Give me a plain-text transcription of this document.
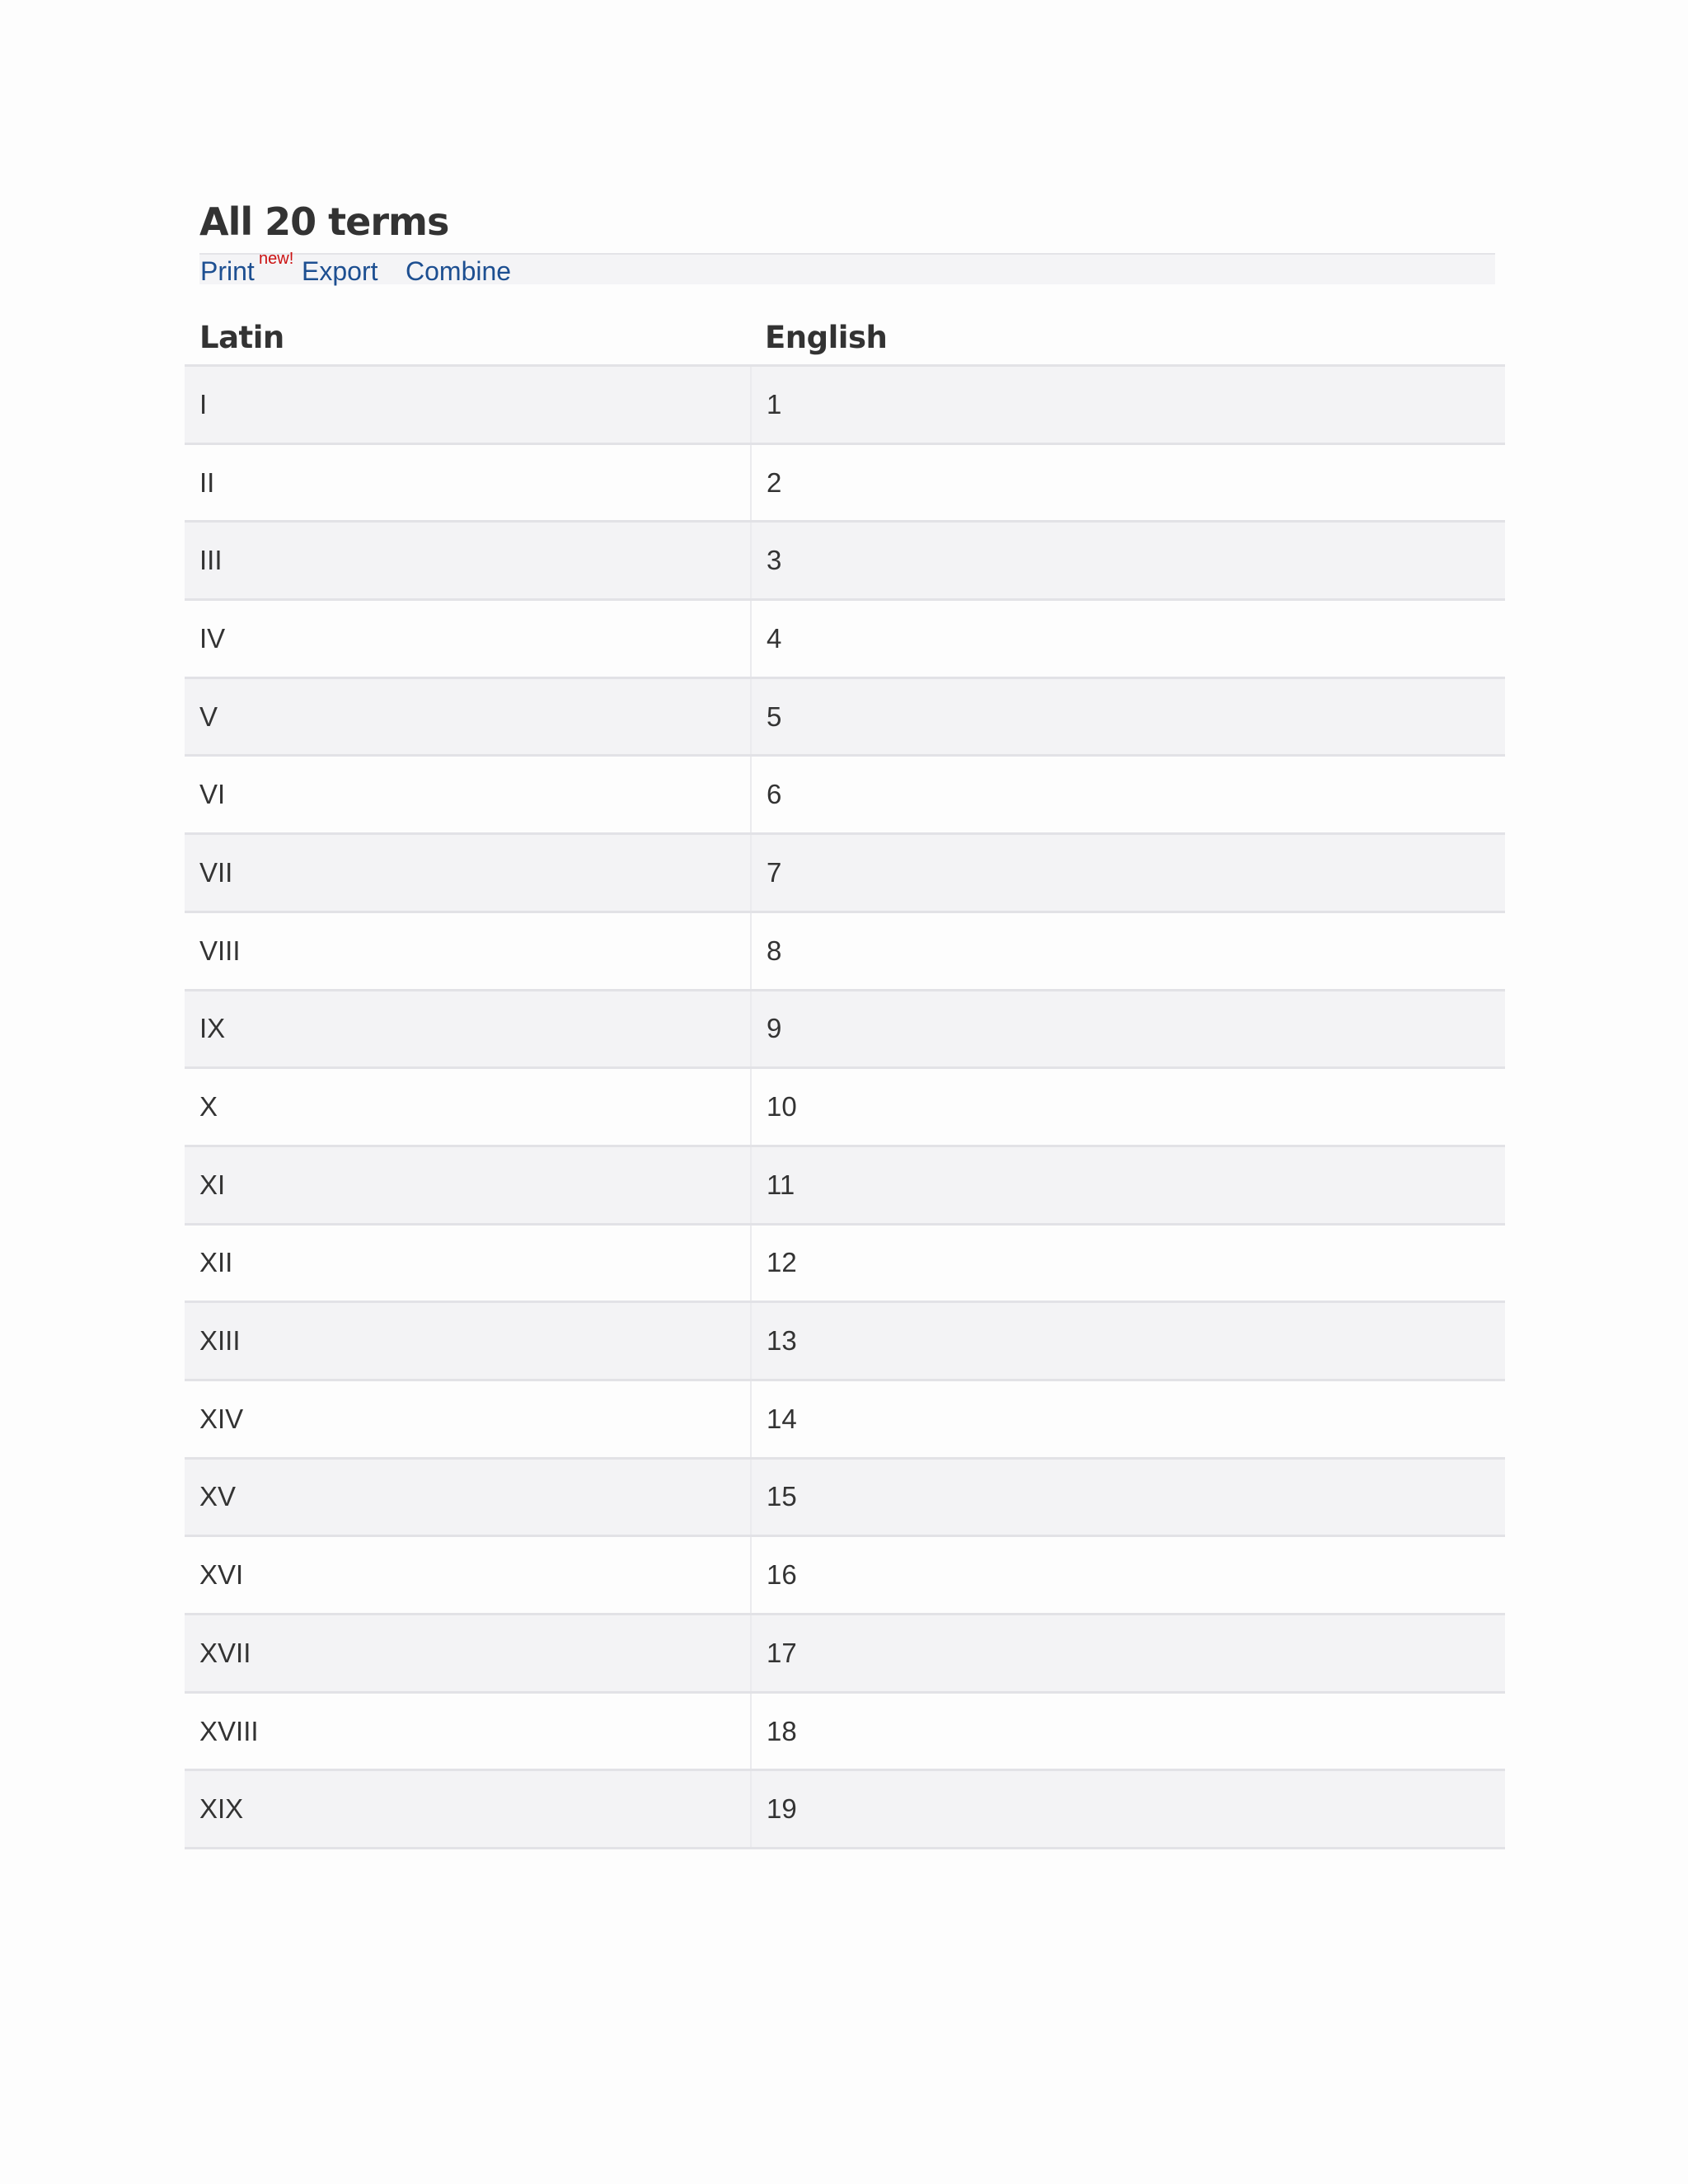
All 20 terms
Print new! Export Combine
Latin	English
I	1
II	2
III	3
IV	4
V	5
VI	6
VII	7
VIII	8
IX	9
X	10
XI	11
XII	12
XIII	13
XIV	14
XV	15
XVI	16
XVII	17
XVIII	18
XIX	19
